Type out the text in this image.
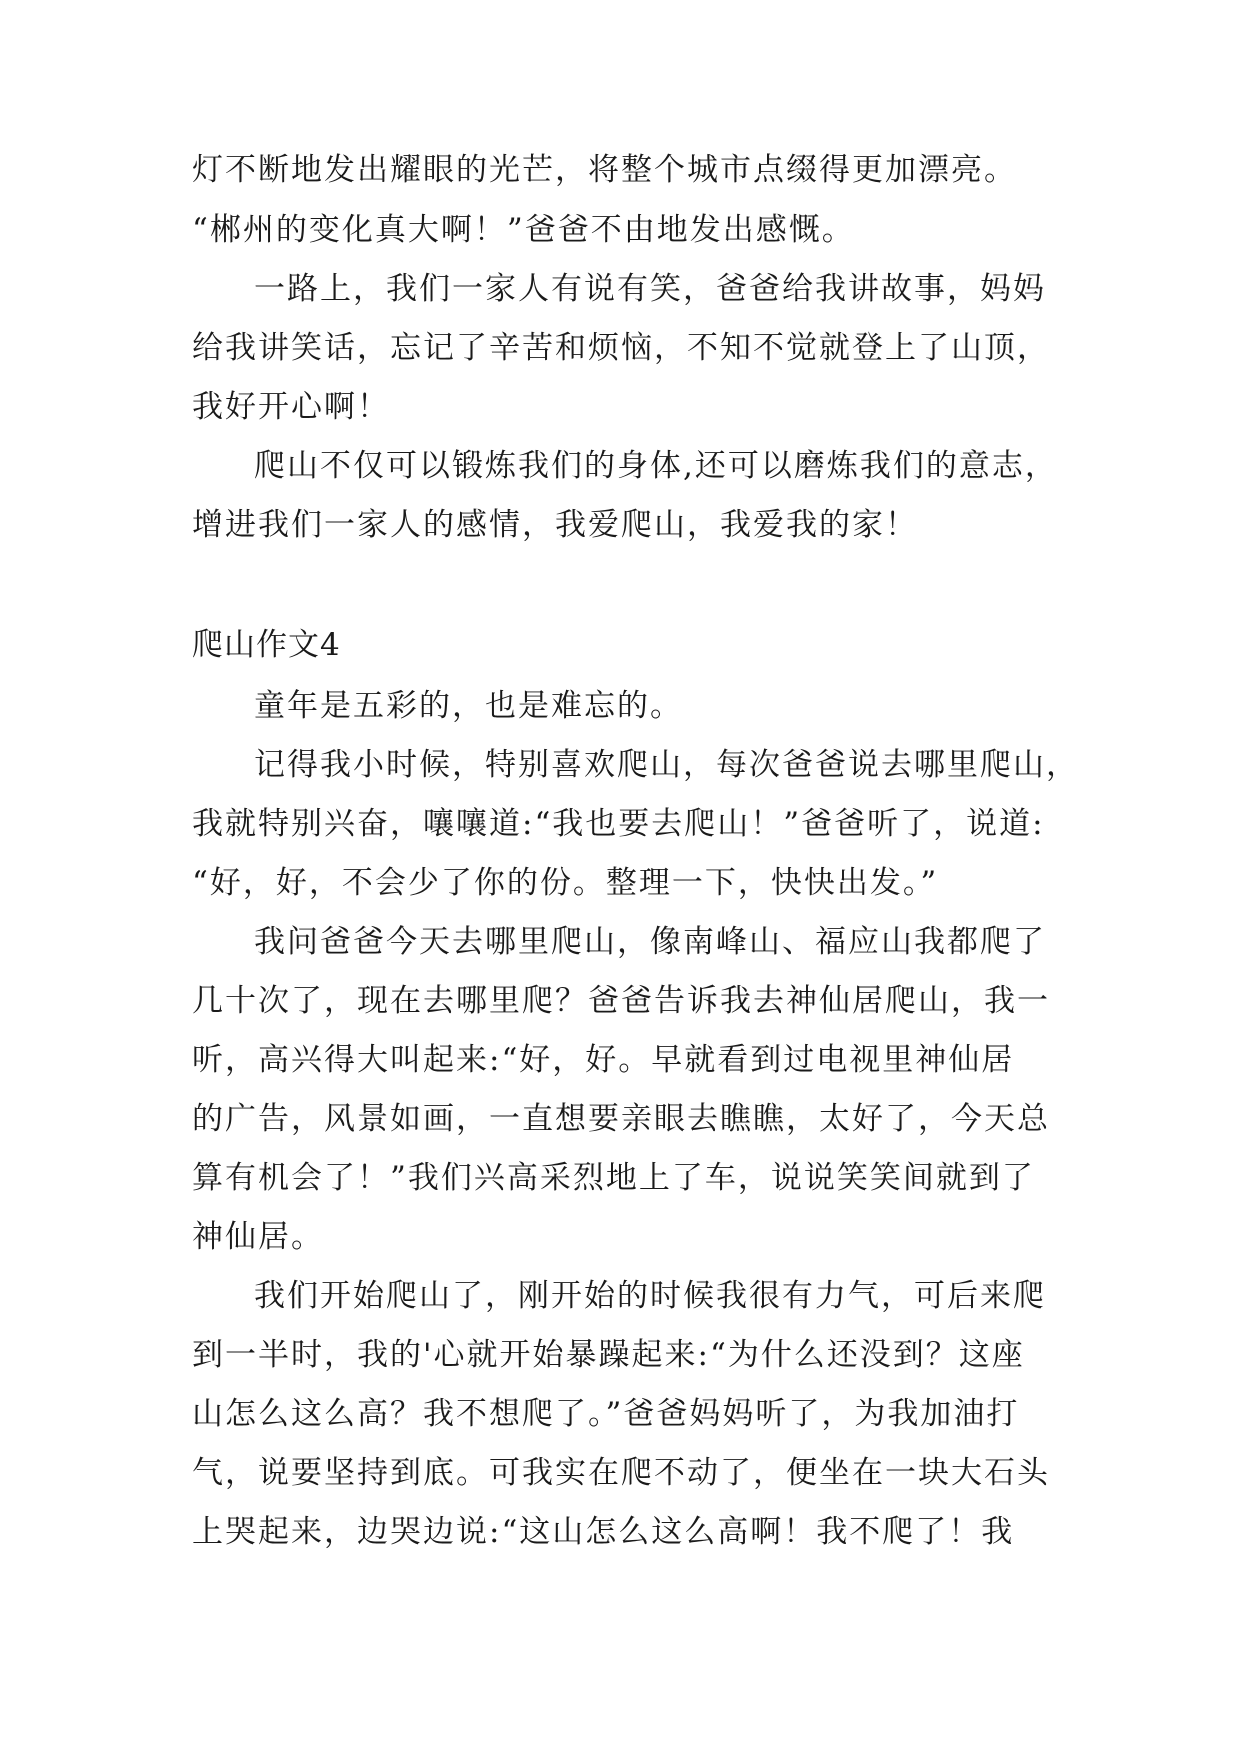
灯不断地发出耀眼的光芒，将整个城市点缀得更加漂亮。
“郴州的变化真大啊！”爸爸不由地发出感慨。
一路上，我们一家人有说有笑，爸爸给我讲故事，妈妈
给我讲笑话，忘记了辛苦和烦恼，不知不觉就登上了山顶，
我好开心啊！
爬山不仅可以锻炼我们的身体,还可以磨炼我们的意志，
增进我们一家人的感情，我爱爬山，我爱我的家！
爬山作文4
童年是五彩的，也是难忘的。
记得我小时候，特别喜欢爬山，每次爸爸说去哪里爬山，
我就特别兴奋，嚷嚷道:“我也要去爬山！”爸爸听了，说道:
“好，好，不会少了你的份。整理一下，快快出发。”
我问爸爸今天去哪里爬山，像南峰山、福应山我都爬了
几十次了，现在去哪里爬？爸爸告诉我去神仙居爬山，我一
听，高兴得大叫起来:“好，好。早就看到过电视里神仙居
的广告，风景如画，一直想要亲眼去瞧瞧，太好了，今天总
算有机会了！”我们兴高采烈地上了车，说说笑笑间就到了
神仙居。
我们开始爬山了，刚开始的时候我很有力气，可后来爬
到一半时，我的'心就开始暴躁起来:“为什么还没到？这座
山怎么这么高？我不想爬了。”爸爸妈妈听了，为我加油打
气，说要坚持到底。可我实在爬不动了，便坐在一块大石头
上哭起来，边哭边说:“这山怎么这么高啊！我不爬了！我
